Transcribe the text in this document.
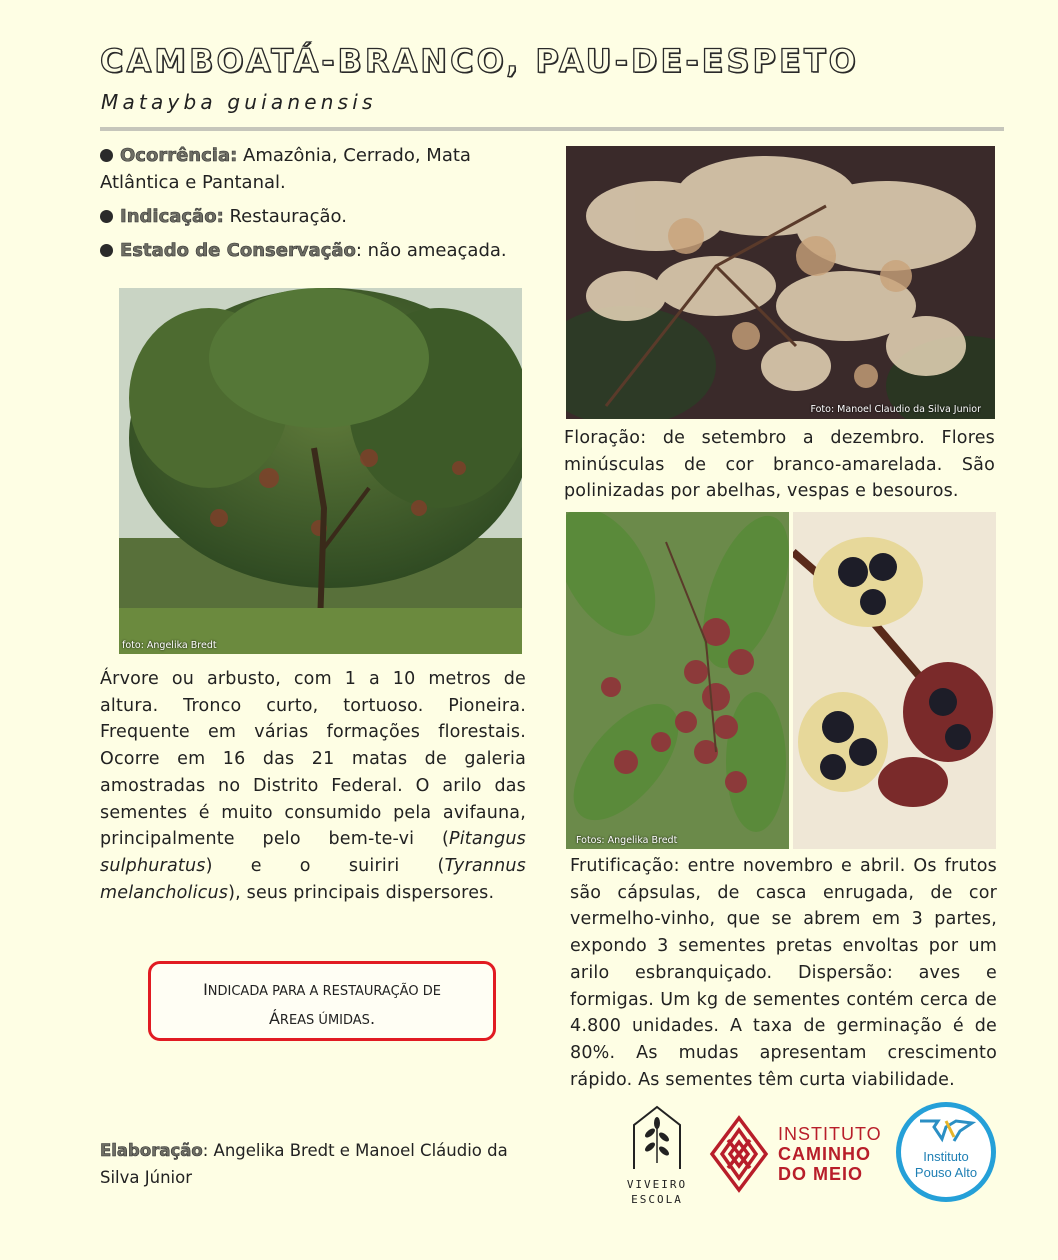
CAMBOATÁ-BRANCO, PAU-DE-ESPETO
Matayba guianensis
Ocorrência: Amazônia, Cerrado, Mata Atlântica e Pantanal.
Indicação: Restauração.
Estado de Conservação: não ameaçada.
foto: Angelika Bredt
Árvore ou arbusto, com 1 a 10 metros de altura. Tronco curto, tortuoso. Pioneira. Frequente em várias formações florestais. Ocorre em 16 das 21 matas de galeria amostradas no Distrito Federal. O arilo das sementes é muito consumido pela avifauna, principalmente pelo bem-te-vi (Pitangus sulphuratus) e o suiriri (Tyrannus melancholicus), seus principais dispersores.
INDICADA PARA A RESTAURAÇÃO DE
ÁREAS ÚMIDAS.
Foto: Manoel Claudio da Silva Junior
Floração: de setembro a dezembro. Flores minúsculas de cor branco-amarelada. São polinizadas por abelhas, vespas e besouros.
Fotos: Angelika Bredt
Frutificação: entre novembro e abril. Os frutos são cápsulas, de casca enrugada, de cor vermelho-vinho, que se abrem em 3 partes, expondo 3 sementes pretas envoltas por um arilo esbranquiçado. Dispersão: aves e formigas. Um kg de sementes contém cerca de 4.800 unidades. A taxa de germinação é de 80%. As mudas apresentam crescimento rápido. As sementes têm curta viabilidade.
Elaboração: Angelika Bredt e Manoel Cláudio da Silva Júnior	VIVEIRO
ESCOLA
INSTITUTO
CAMINHO
DO MEIO
Instituto
Pouso Alto
